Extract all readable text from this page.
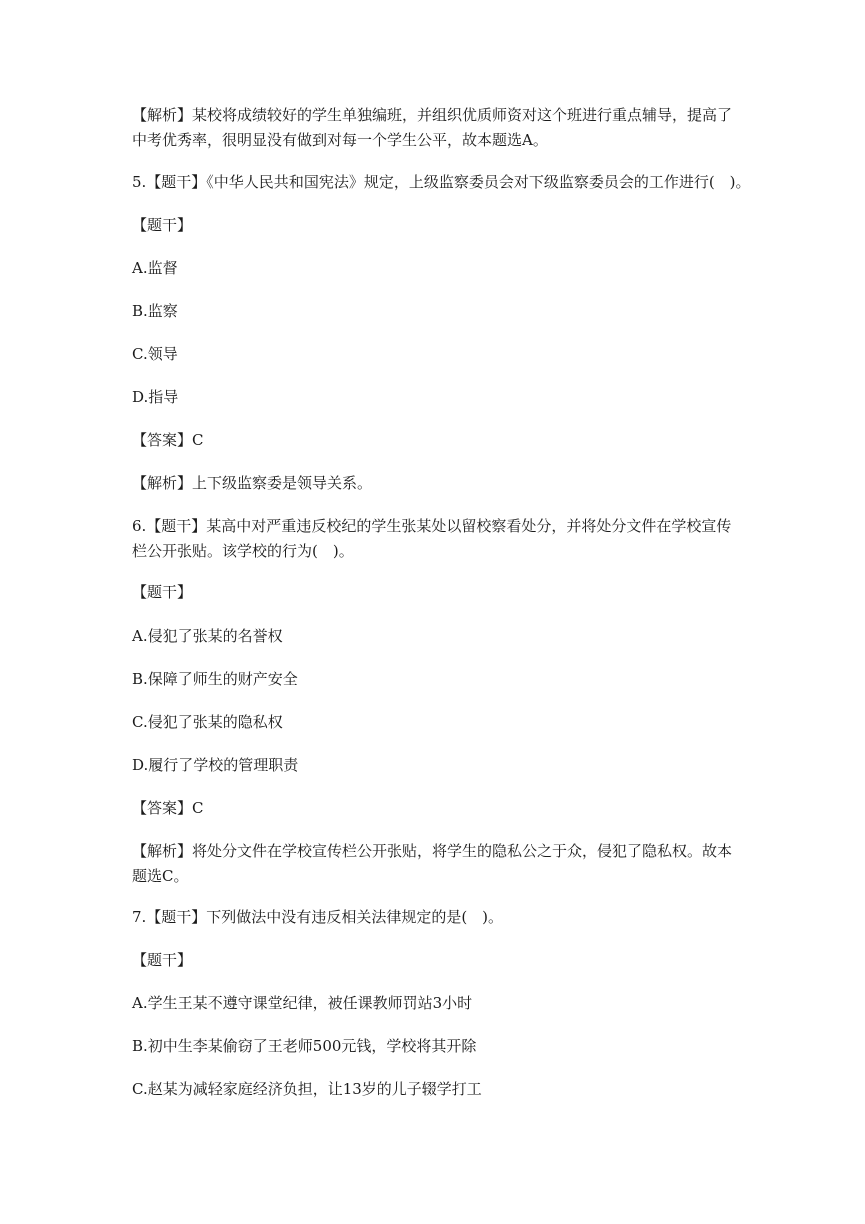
【解析】某校将成绩较好的学生单独编班，并组织优质师资对这个班进行重点辅导，提高了中考优秀率，很明显没有做到对每一个学生公平，故本题选A。

5.【题干】《中华人民共和国宪法》规定，上级监察委员会对下级监察委员会的工作进行(　)。

【题干】

A.监督

B.监察

C.领导

D.指导

【答案】C

【解析】上下级监察委是领导关系。

6.【题干】某高中对严重违反校纪的学生张某处以留校察看处分，并将处分文件在学校宣传栏公开张贴。该学校的行为(　)。

【题干】

A.侵犯了张某的名誉权

B.保障了师生的财产安全

C.侵犯了张某的隐私权

D.履行了学校的管理职责

【答案】C

【解析】将处分文件在学校宣传栏公开张贴，将学生的隐私公之于众，侵犯了隐私权。故本题选C。

7.【题干】下列做法中没有违反相关法律规定的是(　)。

【题干】

A.学生王某不遵守课堂纪律，被任课教师罚站3小时

B.初中生李某偷窃了王老师500元钱，学校将其开除

C.赵某为减轻家庭经济负担，让13岁的儿子辍学打工
